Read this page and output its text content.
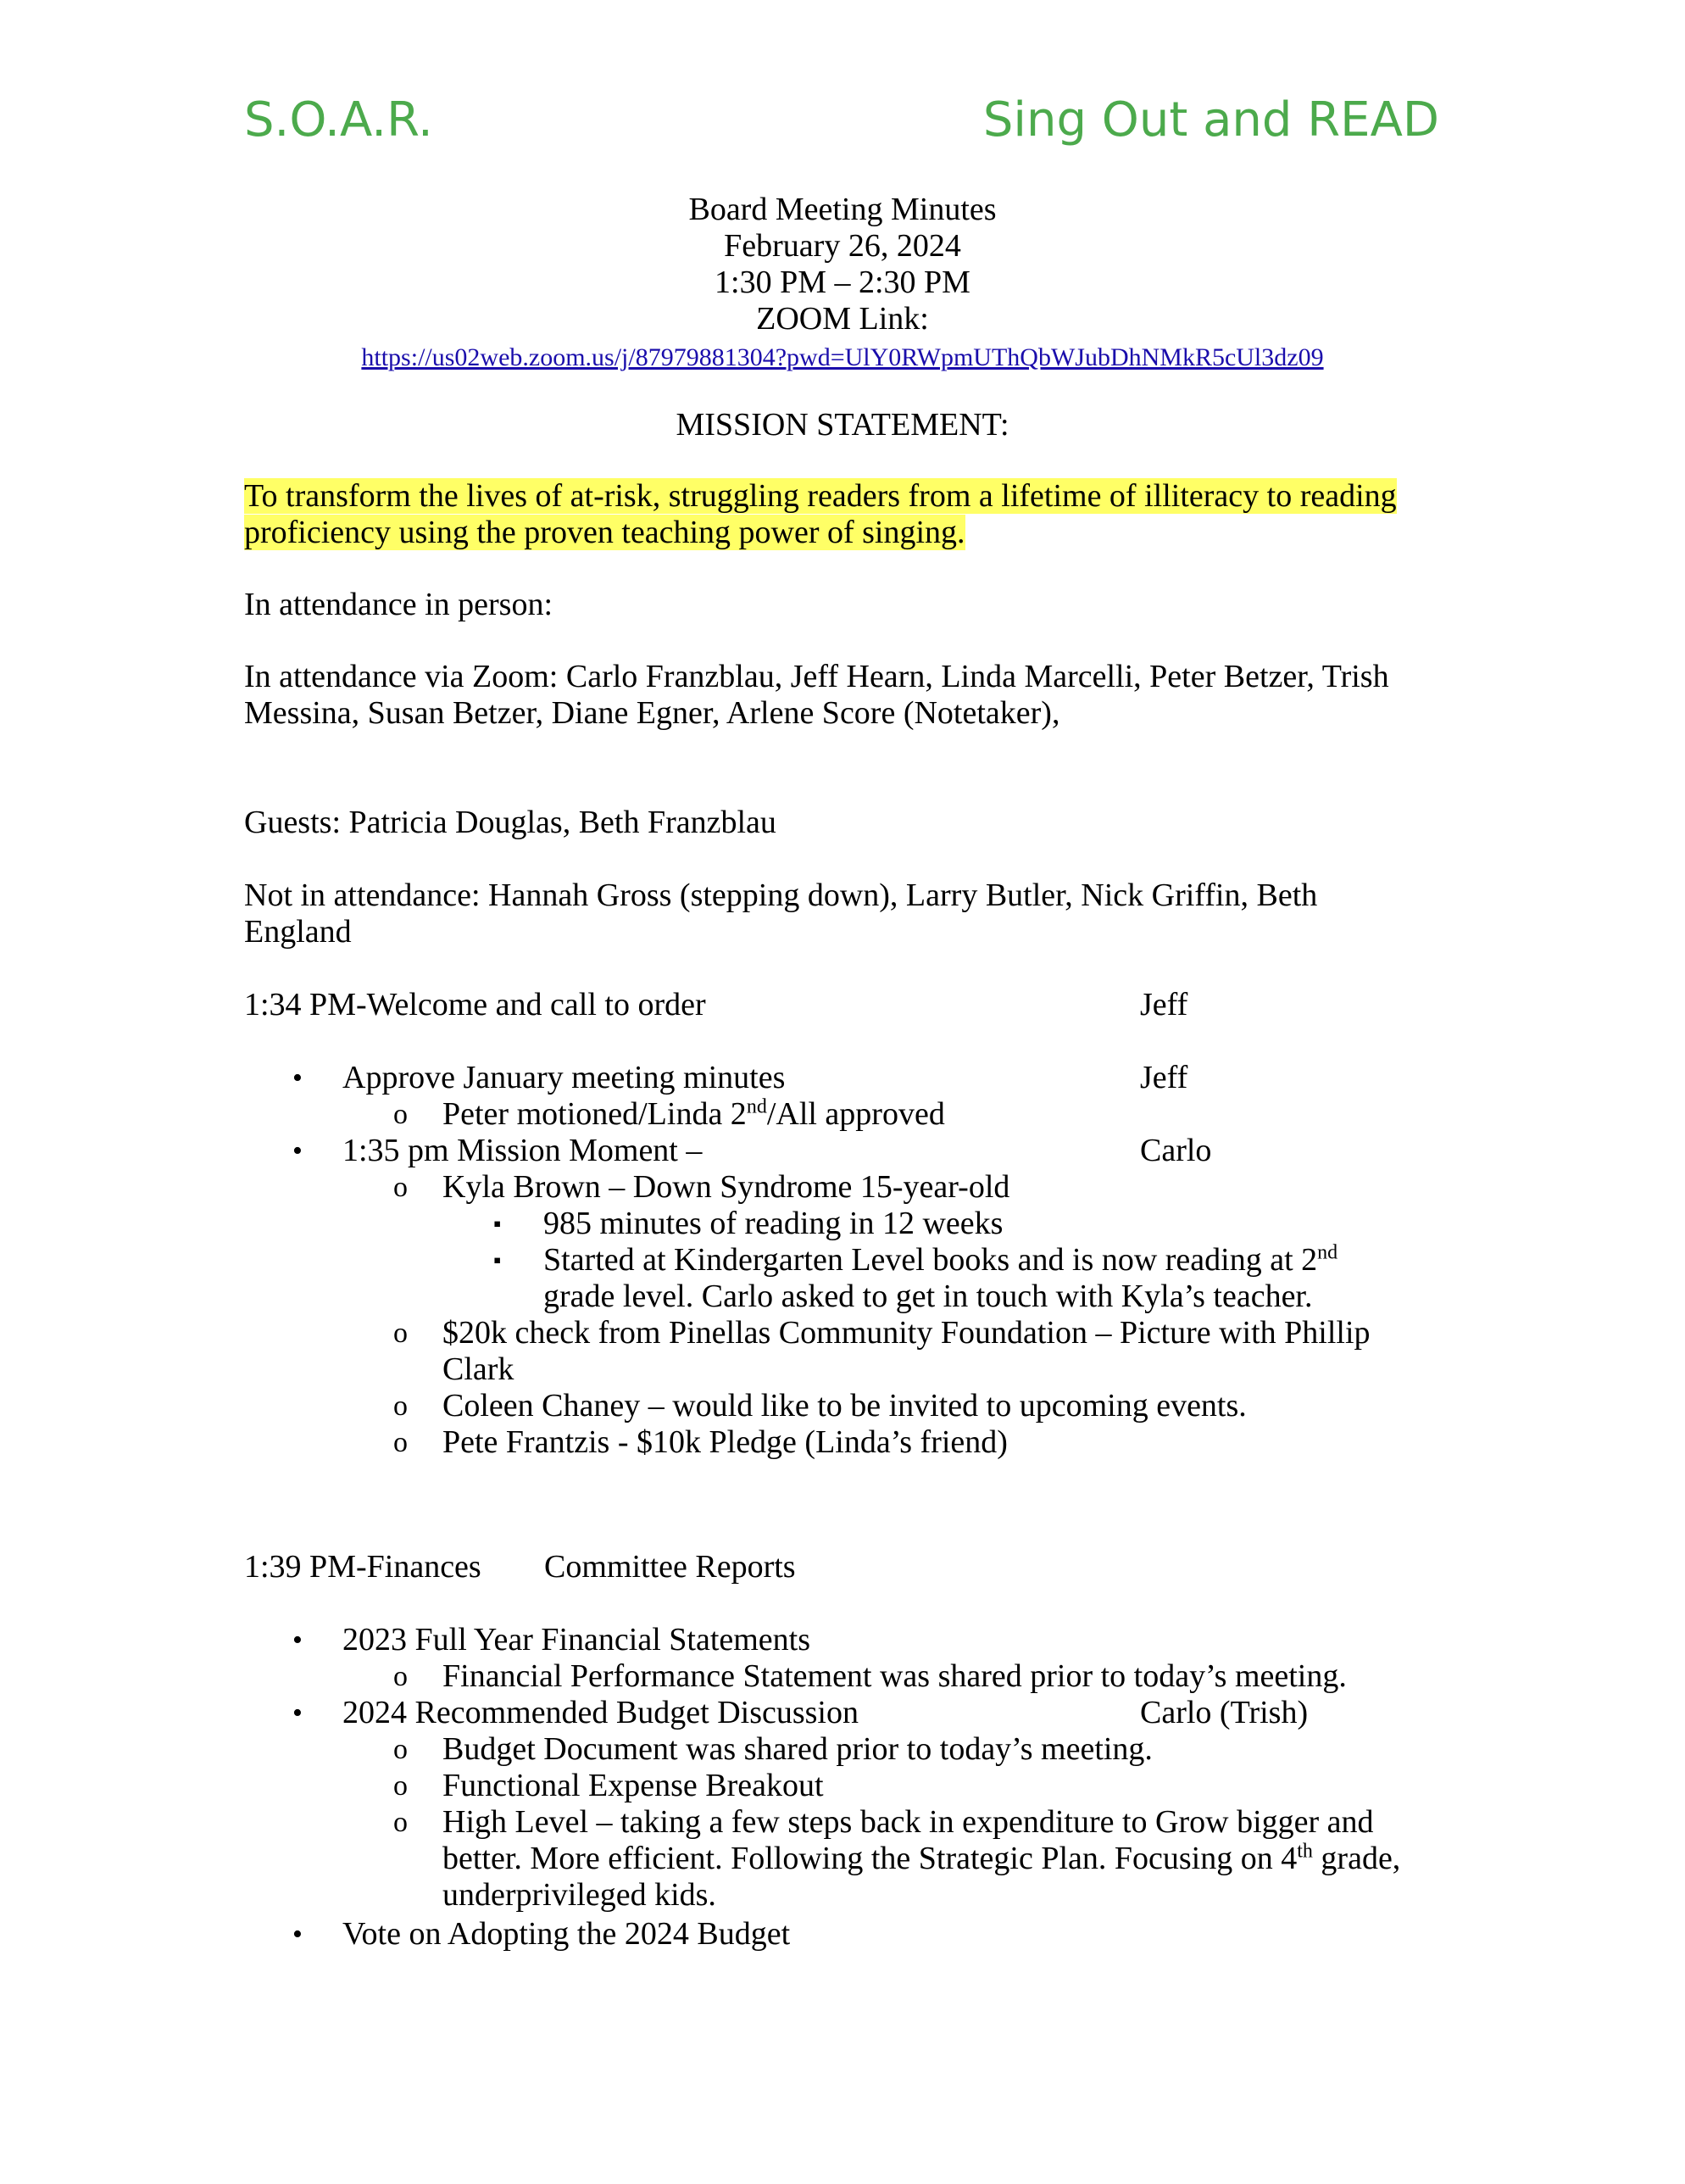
S.O.A.R.	Sing Out and READ
Board Meeting Minutes
February 26, 2024
1:30 PM – 2:30 PM
ZOOM Link:
https://us02web.zoom.us/j/87979881304?pwd=UlY0RWpmUThQbWJubDhNMkR5cUl3dz09
MISSION STATEMENT:
To transform the lives of at-risk, struggling readers from a lifetime of illiteracy to reading
proficiency using the proven teaching power of singing.
In attendance in person:
In attendance via Zoom: Carlo Franzblau, Jeff Hearn, Linda Marcelli, Peter Betzer, Trish
Messina, Susan Betzer, Diane Egner, Arlene Score (Notetaker),
Guests: Patricia Douglas, Beth Franzblau
Not in attendance: Hannah Gross (stepping down), Larry Butler, Nick Griffin, Beth
England
1:34 PM-Welcome and call to order	Jeff
• Approve January meeting minutes	Jeff
o Peter motioned/Linda 2nd/All approved
• 1:35 pm Mission Moment –	Carlo
o Kyla Brown – Down Syndrome 15-year-old
▪ 985 minutes of reading in 12 weeks
▪ Started at Kindergarten Level books and is now reading at 2nd
grade level. Carlo asked to get in touch with Kyla’s teacher.
o $20k check from Pinellas Community Foundation – Picture with Phillip
Clark
o Coleen Chaney – would like to be invited to upcoming events.
o Pete Frantzis - $10k Pledge (Linda’s friend)
1:39 PM-Finances Committee Reports
• 2023 Full Year Financial Statements
o Financial Performance Statement was shared prior to today’s meeting.
• 2024 Recommended Budget Discussion	Carlo (Trish)
o Budget Document was shared prior to today’s meeting.
o Functional Expense Breakout
o High Level – taking a few steps back in expenditure to Grow bigger and
better. More efficient. Following the Strategic Plan. Focusing on 4th grade,
underprivileged kids.
• Vote on Adopting the 2024 Budget
